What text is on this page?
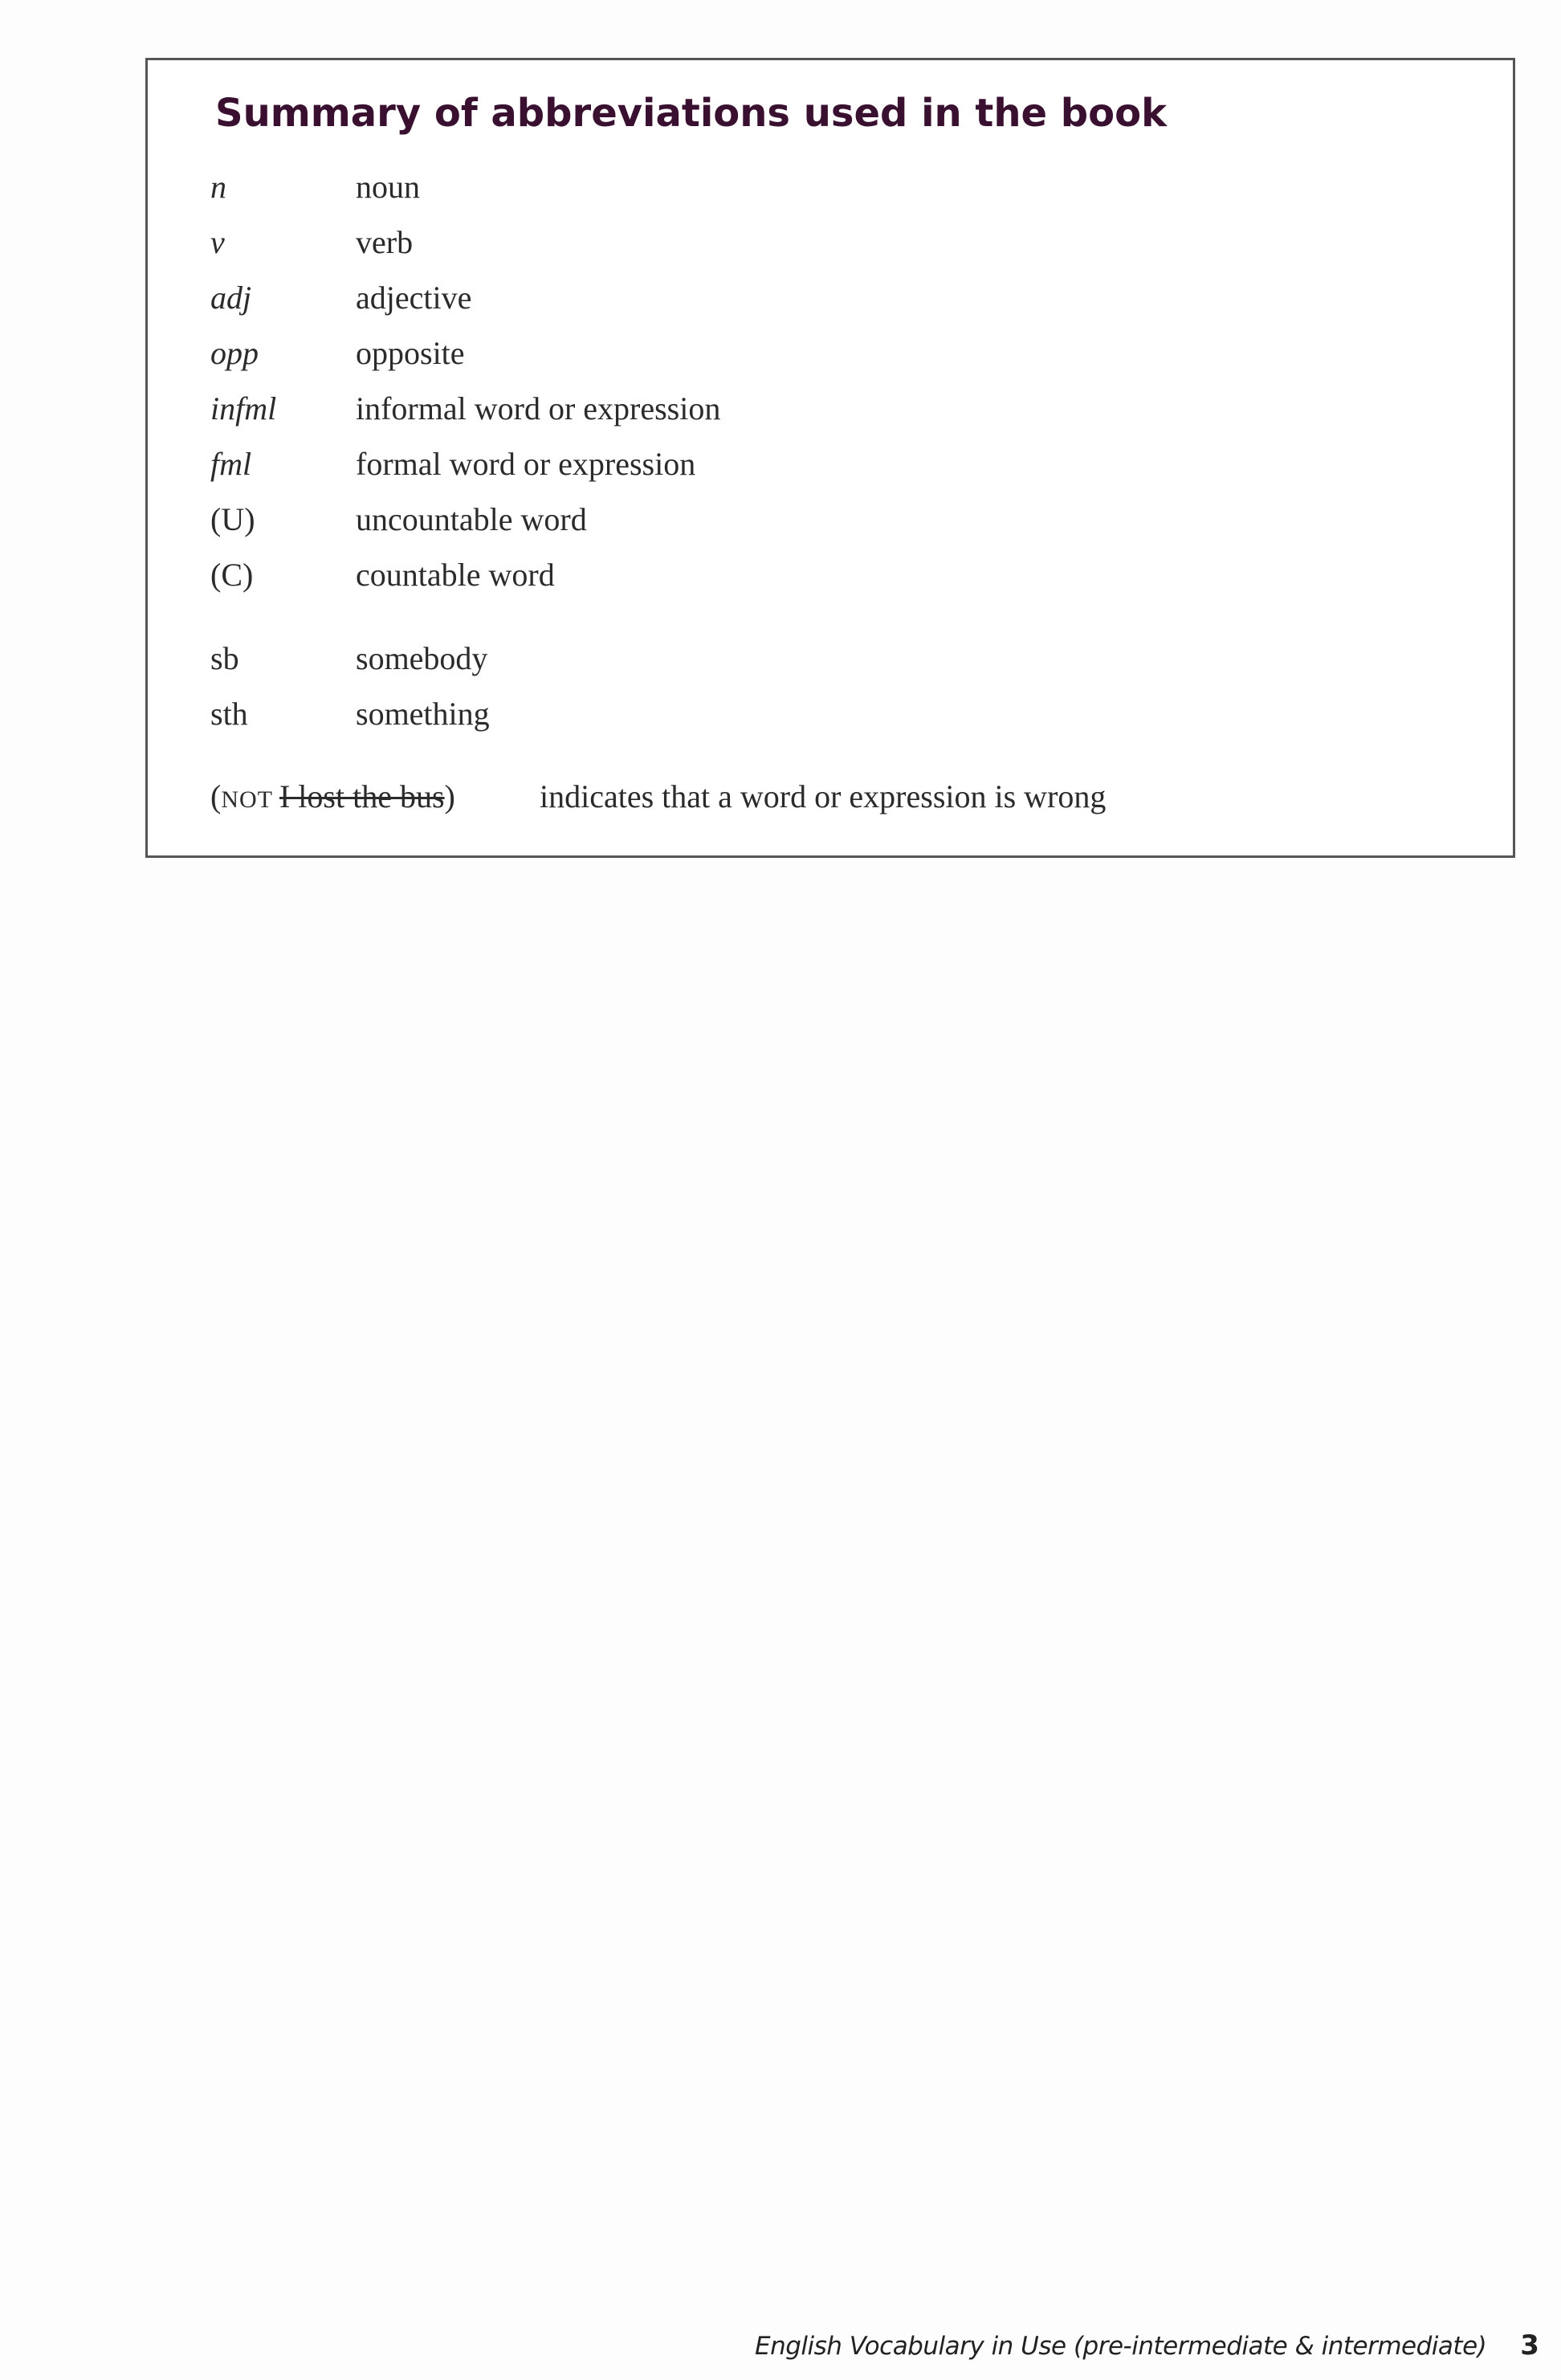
Summary of abbreviations used in the book
n	noun
v	verb
adj	adjective
opp	opposite
infml	informal word or expression
fml	formal word or expression
(U)	uncountable word
(C)	countable word
sb	somebody
sth	something
(NOT I lost the bus)	indicates that a word or expression is wrong
English Vocabulary in Use (pre-intermediate & intermediate) 3
